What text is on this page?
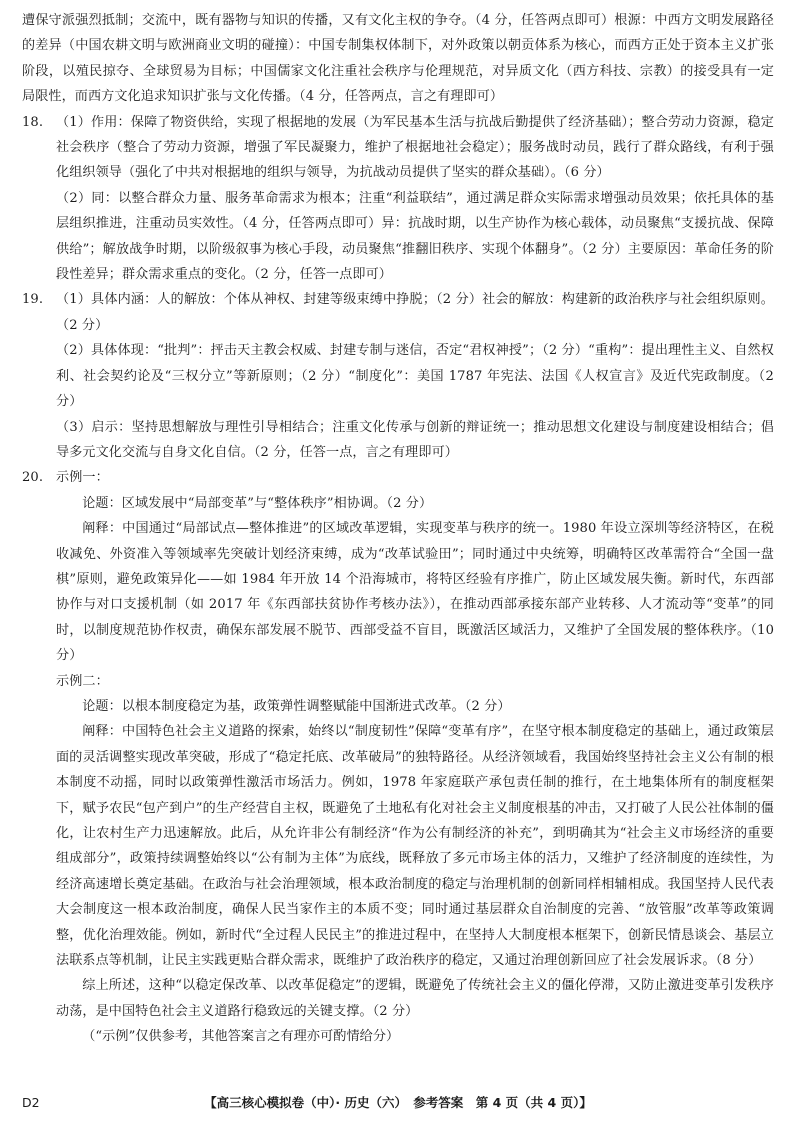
遭保守派强烈抵制；交流中，既有器物与知识的传播，又有文化主权的争夺。（4 分，任答两点即可）根源：中西方文明发展路径的差异（中国农耕文明与欧洲商业文明的碰撞）：中国专制集权体制下，对外政策以朝贡体系为核心，而西方正处于资本主义扩张阶段，以殖民掠夺、全球贸易为目标；中国儒家文化注重社会秩序与伦理规范，对异质文化（西方科技、宗教）的接受具有一定局限性，而西方文化追求知识扩张与文化传播。（4 分，任答两点，言之有理即可）

18. （1）作用：保障了物资供给，实现了根据地的发展（为军民基本生活与抗战后勤提供了经济基础）；整合劳动力资源，稳定社会秩序（整合了劳动力资源，增强了军民凝聚力，维护了根据地社会稳定）；服务战时动员，践行了群众路线，有利于强化组织领导（强化了中共对根据地的组织与领导，为抗战动员提供了坚实的群众基础）。（6 分）

（2）同：以整合群众力量、服务革命需求为根本；注重“利益联结”，通过满足群众实际需求增强动员效果；依托具体的基层组织推进，注重动员实效性。（4 分，任答两点即可）异：抗战时期，以生产协作为核心载体，动员聚焦“支援抗战、保障供给”；解放战争时期，以阶级叙事为核心手段，动员聚焦“推翻旧秩序、实现个体翻身”。（2 分）主要原因：革命任务的阶段性差异；群众需求重点的变化。（2 分，任答一点即可）

19. （1）具体内涵：人的解放：个体从神权、封建等级束缚中挣脱；（2 分）社会的解放：构建新的政治秩序与社会组织原则。（2 分）

（2）具体体现：“批判”：抨击天主教会权威、封建专制与迷信，否定“君权神授”；（2 分）“重构”：提出理性主义、自然权利、社会契约论及“三权分立”等新原则；（2 分）“制度化”：美国 1787 年宪法、法国《人权宣言》及近代宪政制度。（2 分）

（3）启示：坚持思想解放与理性引导相结合；注重文化传承与创新的辩证统一；推动思想文化建设与制度建设相结合；倡导多元文化交流与自身文化自信。（2 分，任答一点，言之有理即可）

20. 示例一：

论题：区域发展中“局部变革”与“整体秩序”相协调。（2 分）

阐释：中国通过“局部试点—整体推进”的区域改革逻辑，实现变革与秩序的统一。1980 年设立深圳等经济特区，在税收减免、外资准入等领域率先突破计划经济束缚，成为“改革试验田”；同时通过中央统筹，明确特区改革需符合“全国一盘棋”原则，避免政策异化——如 1984 年开放 14 个沿海城市，将特区经验有序推广，防止区域发展失衡。新时代，东西部协作与对口支援机制（如 2017 年《东西部扶贫协作考核办法》），在推动西部承接东部产业转移、人才流动等“变革”的同时，以制度规范协作权责，确保东部发展不脱节、西部受益不盲目，既激活区域活力，又维护了全国发展的整体秩序。（10 分）

示例二：

论题：以根本制度稳定为基，政策弹性调整赋能中国渐进式改革。（2 分）

阐释：中国特色社会主义道路的探索，始终以“制度韧性”保障“变革有序”，在坚守根本制度稳定的基础上，通过政策层面的灵活调整实现改革突破，形成了“稳定托底、改革破局”的独特路径。从经济领域看，我国始终坚持社会主义公有制的根本制度不动摇，同时以政策弹性激活市场活力。例如，1978 年家庭联产承包责任制的推行，在土地集体所有的制度框架下，赋予农民“包产到户”的生产经营自主权，既避免了土地私有化对社会主义制度根基的冲击，又打破了人民公社体制的僵化，让农村生产力迅速解放。此后，从允许非公有制经济“作为公有制经济的补充”，到明确其为“社会主义市场经济的重要组成部分”，政策持续调整始终以“公有制为主体”为底线，既释放了多元市场主体的活力，又维护了经济制度的连续性，为经济高速增长奠定基础。在政治与社会治理领域，根本政治制度的稳定与治理机制的创新同样相辅相成。我国坚持人民代表大会制度这一根本政治制度，确保人民当家作主的本质不变；同时通过基层群众自治制度的完善、“放管服”改革等政策调整，优化治理效能。例如，新时代“全过程人民民主”的推进过程中，在坚持人大制度根本框架下，创新民情恳谈会、基层立法联系点等机制，让民主实践更贴合群众需求，既维护了政治秩序的稳定，又通过治理创新回应了社会发展诉求。（8 分）

综上所述，这种“以稳定保改革、以改革促稳定”的逻辑，既避免了传统社会主义的僵化停滞，又防止激进变革引发秩序动荡，是中国特色社会主义道路行稳致远的关键支撑。（2 分）

（“示例”仅供参考，其他答案言之有理亦可酌情给分）

D2	【高三核心模拟卷（中）· 历史（六）　参考答案　第 4 页（共 4 页）】
